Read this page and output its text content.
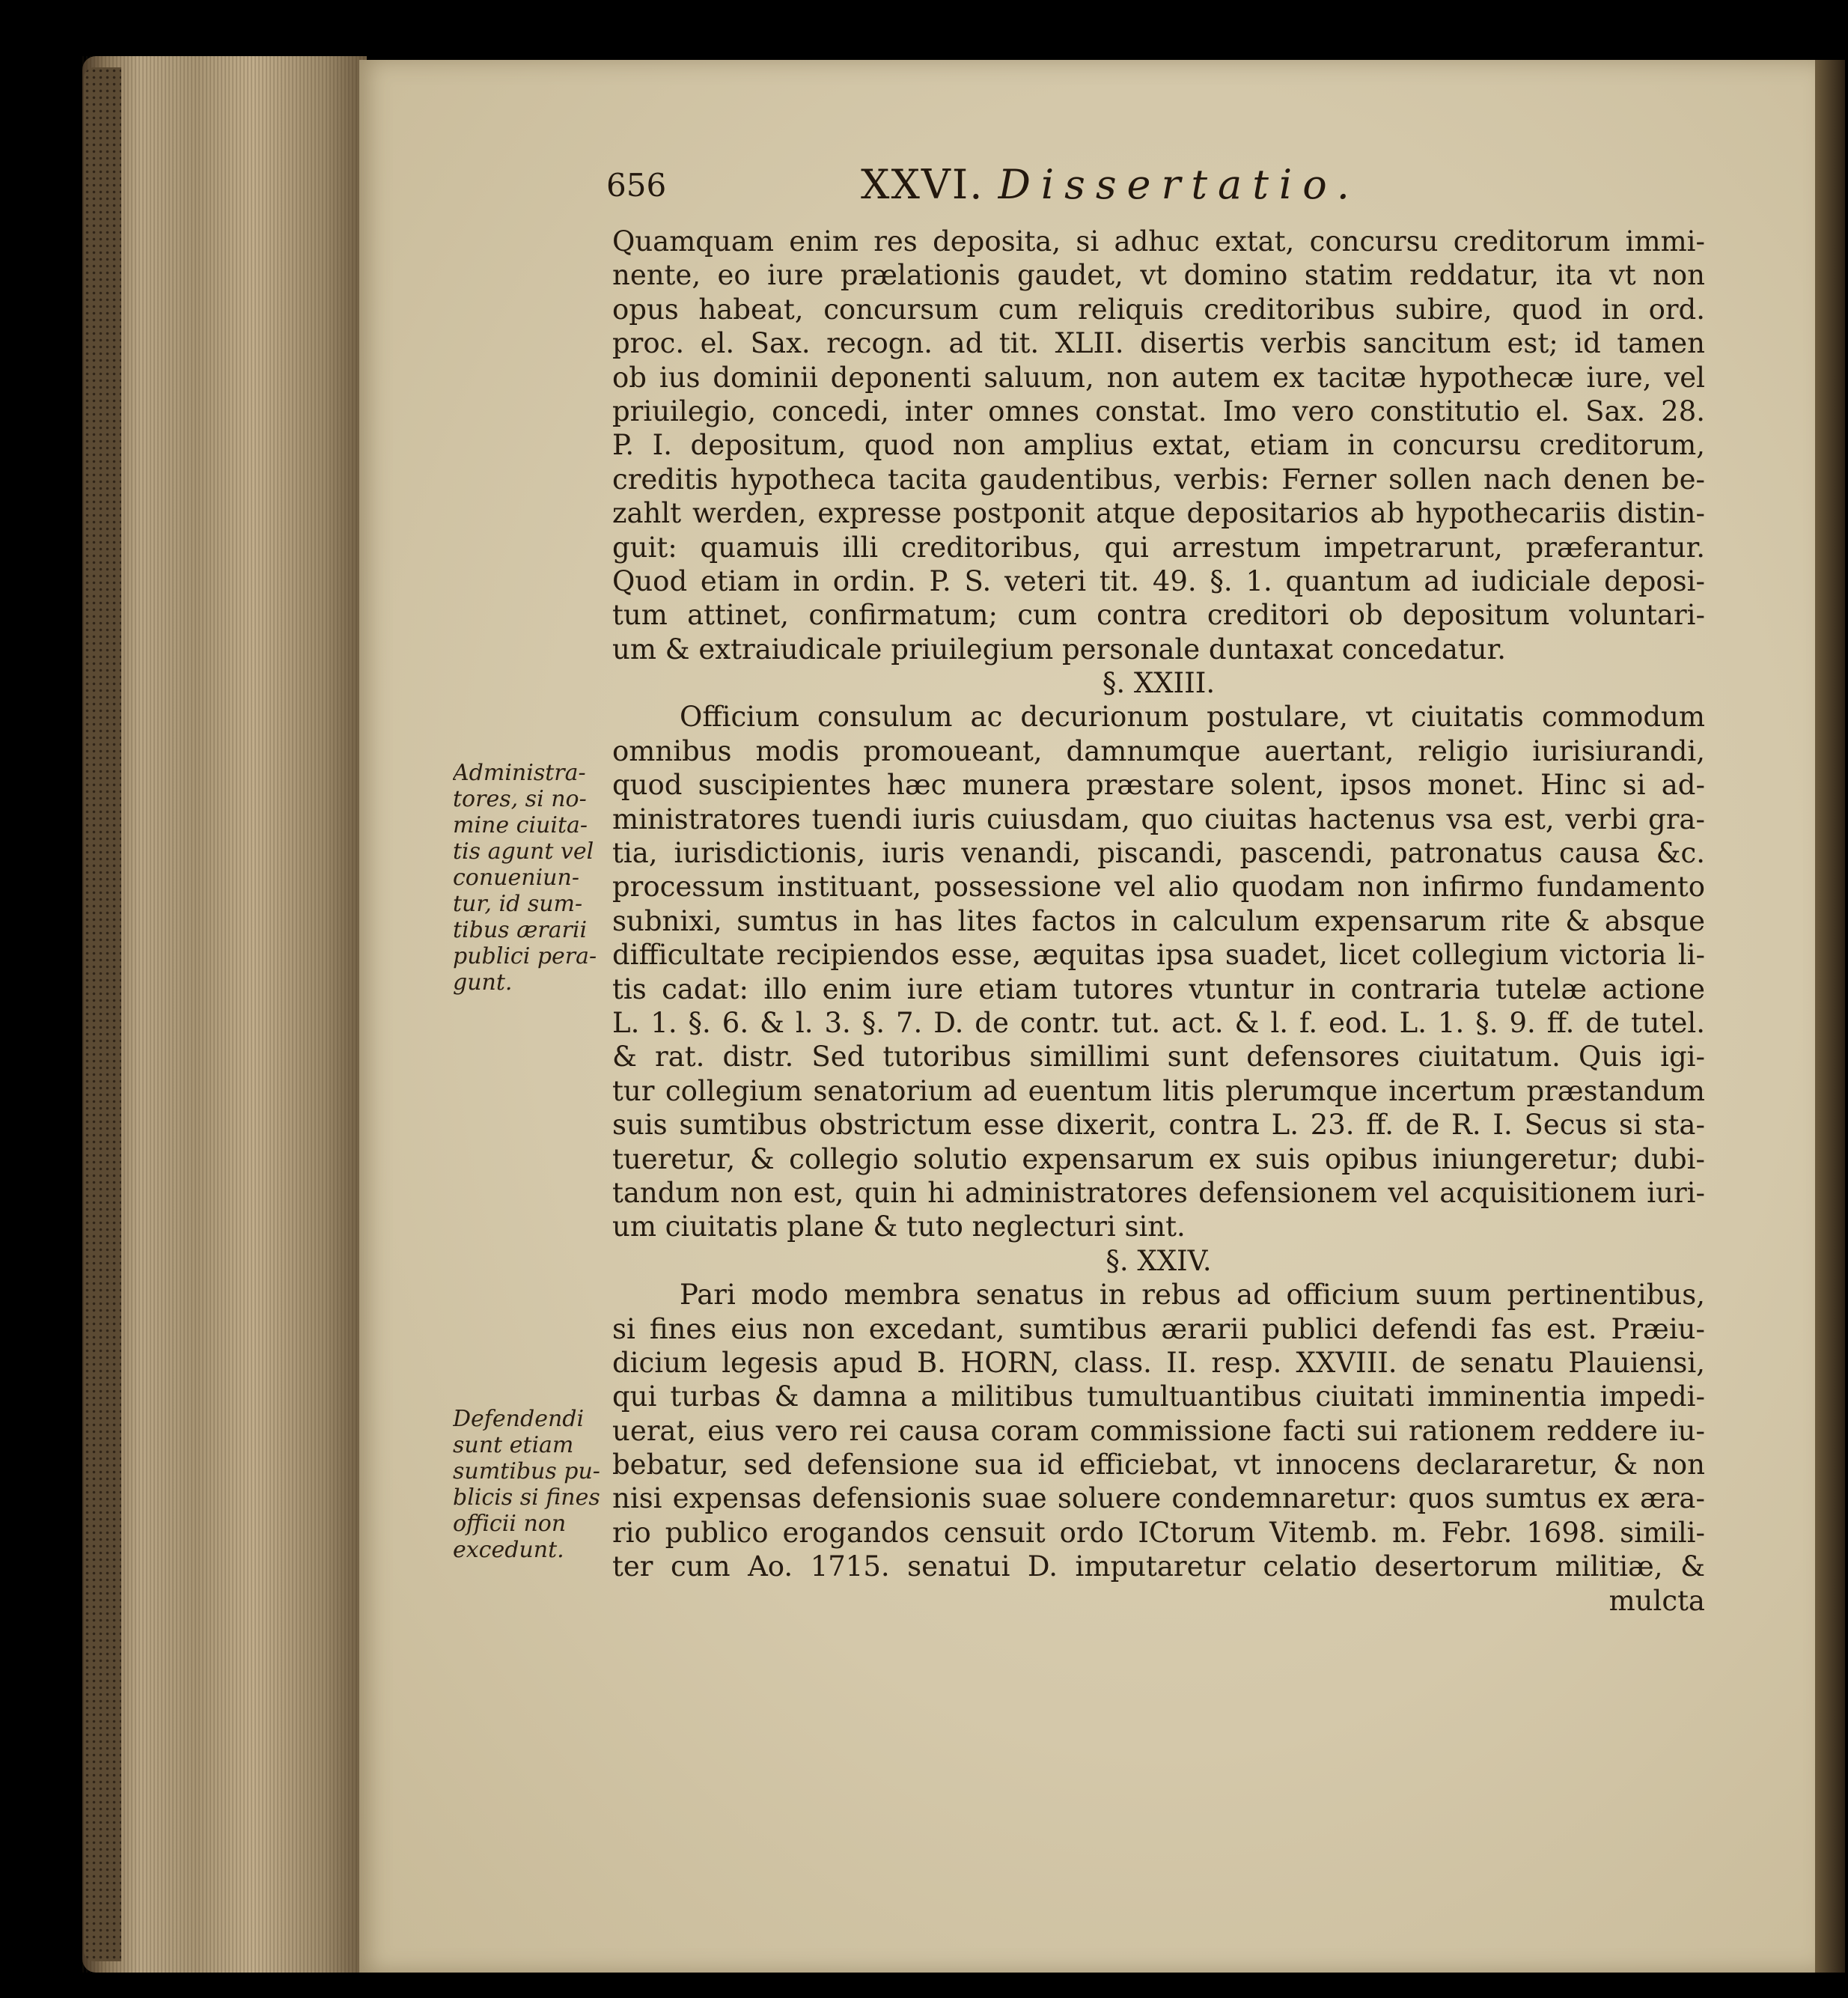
656	XXVI. Dissertatio.
Quamquam enim res deposita, si adhuc extat, concursu creditorum immi-
nente, eo iure prælationis gaudet, vt domino statim reddatur, ita vt non
opus habeat, concursum cum reliquis creditoribus subire, quod in ord.
proc. el. Sax. recogn. ad tit. XLII. disertis verbis sancitum est; id tamen
ob ius dominii deponenti saluum, non autem ex tacitæ hypothecæ iure, vel
priuilegio, concedi, inter omnes constat. Imo vero constitutio el. Sax. 28.
P. I. depositum, quod non amplius extat, etiam in concursu creditorum,
creditis hypotheca tacita gaudentibus, verbis: Ferner sollen nach denen be-
zahlt werden, expresse postponit atque depositarios ab hypothecariis distin-
guit: quamuis illi creditoribus, qui arrestum impetrarunt, præferantur.
Quod etiam in ordin. P. S. veteri tit. 49. §. 1. quantum ad iudiciale deposi-
tum attinet, confirmatum; cum contra creditori ob depositum voluntari-
um & extraiudicale priuilegium personale duntaxat concedatur.
§. XXIII.
Officium consulum ac decurionum postulare, vt ciuitatis commodum
omnibus modis promoueant, damnumque auertant, religio iurisiurandi,
quod suscipientes hæc munera præstare solent, ipsos monet. Hinc si ad-
ministratores tuendi iuris cuiusdam, quo ciuitas hactenus vsa est, verbi gra-
tia, iurisdictionis, iuris venandi, piscandi, pascendi, patronatus causa &c.
processum instituant, possessione vel alio quodam non infirmo fundamento
subnixi, sumtus in has lites factos in calculum expensarum rite & absque
difficultate recipiendos esse, æquitas ipsa suadet, licet collegium victoria li-
tis cadat: illo enim iure etiam tutores vtuntur in contraria tutelæ actione
L. 1. §. 6. & l. 3. §. 7. D. de contr. tut. act. & l. f. eod. L. 1. §. 9. ff. de tutel.
& rat. distr. Sed tutoribus simillimi sunt defensores ciuitatum. Quis igi-
tur collegium senatorium ad euentum litis plerumque incertum præstandum
suis sumtibus obstrictum esse dixerit, contra L. 23. ff. de R. I. Secus si sta-
tueretur, & collegio solutio expensarum ex suis opibus iniungeretur; dubi-
tandum non est, quin hi administratores defensionem vel acquisitionem iuri-
um ciuitatis plane & tuto neglecturi sint.
§. XXIV.
Pari modo membra senatus in rebus ad officium suum pertinentibus,
si fines eius non excedant, sumtibus ærarii publici defendi fas est. Præiu-
dicium legesis apud B. HORN, class. II. resp. XXVIII. de senatu Plauiensi,
qui turbas & damna a militibus tumultuantibus ciuitati imminentia impedi-
uerat, eius vero rei causa coram commissione facti sui rationem reddere iu-
bebatur, sed defensione sua id efficiebat, vt innocens declararetur, & non
nisi expensas defensionis suae soluere condemnaretur: quos sumtus ex æra-
rio publico erogandos censuit ordo ICtorum Vitemb. m. Febr. 1698. simili-
ter cum Ao. 1715. senatui D. imputaretur celatio desertorum militiæ, &
mulcta
Administra-
tores, si no-
mine ciuita-
tis agunt vel
conueniun-
tur, id sum-
tibus ærarii
publici pera-
gunt.
Defendendi
sunt etiam
sumtibus pu-
blicis si fines
officii non
excedunt.
